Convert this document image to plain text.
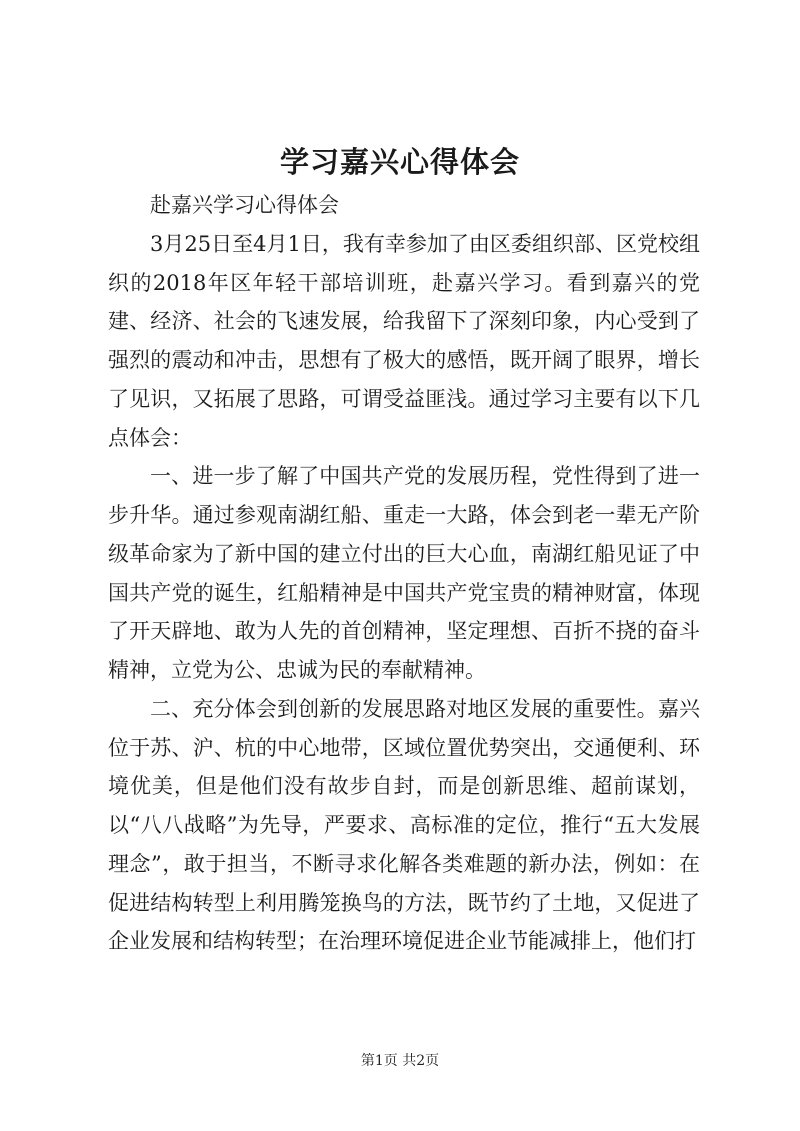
学习嘉兴心得体会

赴嘉兴学习心得体会

3月25日至4月1日，我有幸参加了由区委组织部、区党校组织的2018年区年轻干部培训班，赴嘉兴学习。看到嘉兴的党建、经济、社会的飞速发展，给我留下了深刻印象，内心受到了强烈的震动和冲击，思想有了极大的感悟，既开阔了眼界，增长了见识，又拓展了思路，可谓受益匪浅。通过学习主要有以下几点体会：

一、进一步了解了中国共产党的发展历程，党性得到了进一步升华。通过参观南湖红船、重走一大路，体会到老一辈无产阶级革命家为了新中国的建立付出的巨大心血，南湖红船见证了中国共产党的诞生，红船精神是中国共产党宝贵的精神财富，体现了开天辟地、敢为人先的首创精神，坚定理想、百折不挠的奋斗精神，立党为公、忠诚为民的奉献精神。

二、充分体会到创新的发展思路对地区发展的重要性。嘉兴位于苏、沪、杭的中心地带，区域位置优势突出，交通便利、环境优美，但是他们没有故步自封，而是创新思维、超前谋划，以“八八战略”为先导，严要求、高标准的定位，推行“五大发展理念”，敢于担当，不断寻求化解各类难题的新办法，例如：在促进结构转型上利用腾笼换鸟的方法，既节约了土地，又促进了企业发展和结构转型；在治理环境促进企业节能减排上，他们打

第1页 共2页
